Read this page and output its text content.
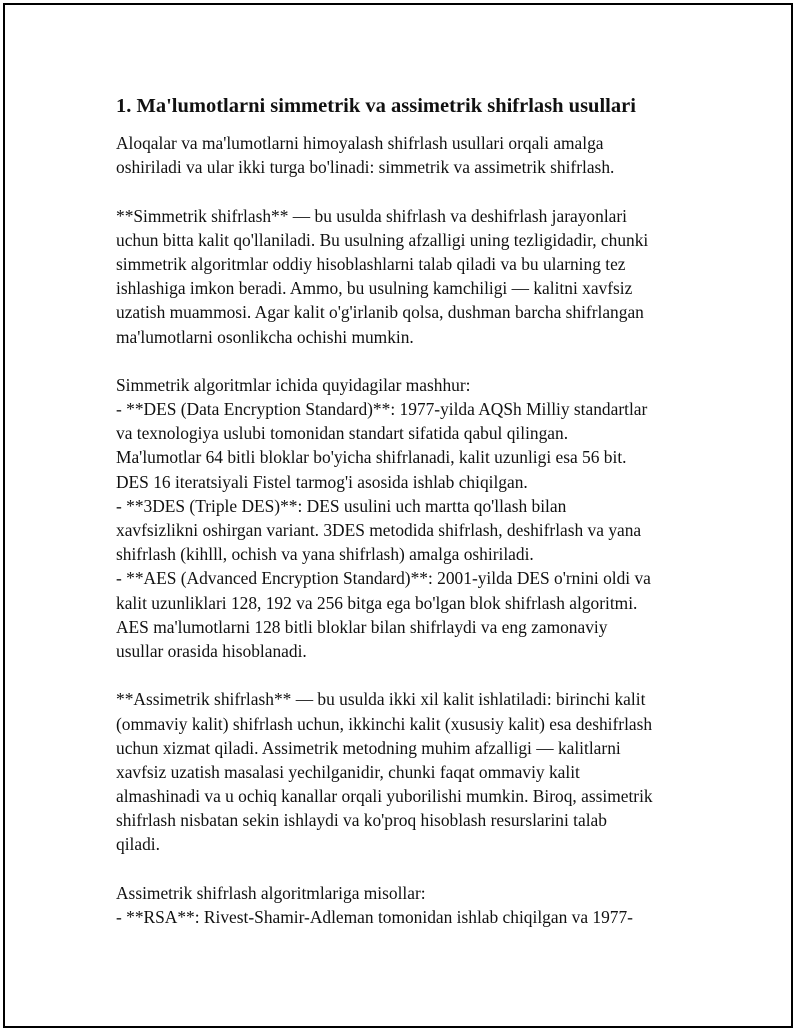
1. Ma'lumotlarni simmetrik va assimetrik shifrlash usullari
Aloqalar va ma'lumotlarni himoyalash shifrlash usullari orqali amalga
oshiriladi va ular ikki turga bo'linadi: simmetrik va assimetrik shifrlash.
**Simmetrik shifrlash** — bu usulda shifrlash va deshifrlash jarayonlari
uchun bitta kalit qo'llaniladi. Bu usulning afzalligi uning tezligidadir, chunki
simmetrik algoritmlar oddiy hisoblashlarni talab qiladi va bu ularning tez
ishlashiga imkon beradi. Ammo, bu usulning kamchiligi — kalitni xavfsiz
uzatish muammosi. Agar kalit o'g'irlanib qolsa, dushman barcha shifrlangan
ma'lumotlarni osonlikcha ochishi mumkin.
Simmetrik algoritmlar ichida quyidagilar mashhur:
- **DES (Data Encryption Standard)**: 1977-yilda AQSh Milliy standartlar
va texnologiya uslubi tomonidan standart sifatida qabul qilingan.
Ma'lumotlar 64 bitli bloklar bo'yicha shifrlanadi, kalit uzunligi esa 56 bit.
DES 16 iteratsiyali Fistel tarmog'i asosida ishlab chiqilgan.
- **3DES (Triple DES)**: DES usulini uch martta qo'llash bilan
xavfsizlikni oshirgan variant. 3DES metodida shifrlash, deshifrlash va yana
shifrlash (kihlll, ochish va yana shifrlash) amalga oshiriladi.
- **AES (Advanced Encryption Standard)**: 2001-yilda DES o'rnini oldi va
kalit uzunliklari 128, 192 va 256 bitga ega bo'lgan blok shifrlash algoritmi.
AES ma'lumotlarni 128 bitli bloklar bilan shifrlaydi va eng zamonaviy
usullar orasida hisoblanadi.
**Assimetrik shifrlash** — bu usulda ikki xil kalit ishlatiladi: birinchi kalit
(ommaviy kalit) shifrlash uchun, ikkinchi kalit (xususiy kalit) esa deshifrlash
uchun xizmat qiladi. Assimetrik metodning muhim afzalligi — kalitlarni
xavfsiz uzatish masalasi yechilganidir, chunki faqat ommaviy kalit
almashinadi va u ochiq kanallar orqali yuborilishi mumkin. Biroq, assimetrik
shifrlash nisbatan sekin ishlaydi va ko'proq hisoblash resurslarini talab
qiladi.
Assimetrik shifrlash algoritmlariga misollar:
- **RSA**: Rivest-Shamir-Adleman tomonidan ishlab chiqilgan va 1977-
